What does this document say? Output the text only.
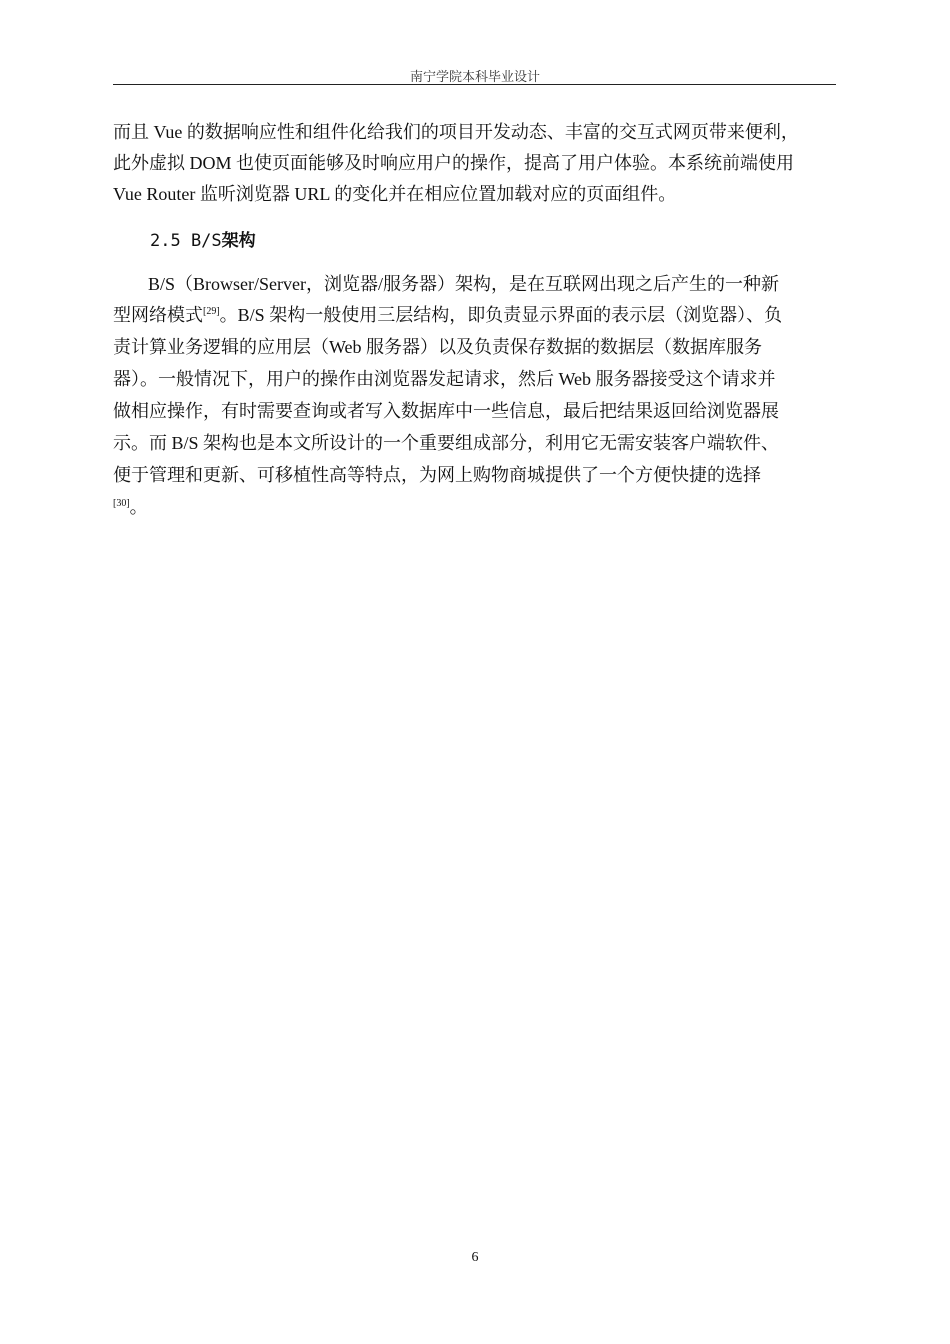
南宁学院本科毕业设计
而且 Vue 的数据响应性和组件化给我们的项目开发动态、丰富的交互式网页带来便利，
此外虚拟 DOM 也使页面能够及时响应用户的操作，提高了用户体验。本系统前端使用
Vue Router 监听浏览器 URL 的变化并在相应位置加载对应的页面组件。
2.5 B/S架构
B/S（Browser/Server，浏览器/服务器）架构，是在互联网出现之后产生的一种新
型网络模式[29]。B/S 架构一般使用三层结构，即负责显示界面的表示层（浏览器）、负
责计算业务逻辑的应用层（Web 服务器）以及负责保存数据的数据层（数据库服务
器）。一般情况下，用户的操作由浏览器发起请求，然后 Web 服务器接受这个请求并
做相应操作，有时需要查询或者写入数据库中一些信息，最后把结果返回给浏览器展
示。而 B/S 架构也是本文所设计的一个重要组成部分，利用它无需安装客户端软件、
便于管理和更新、可移植性高等特点，为网上购物商城提供了一个方便快捷的选择
[30]。
6
